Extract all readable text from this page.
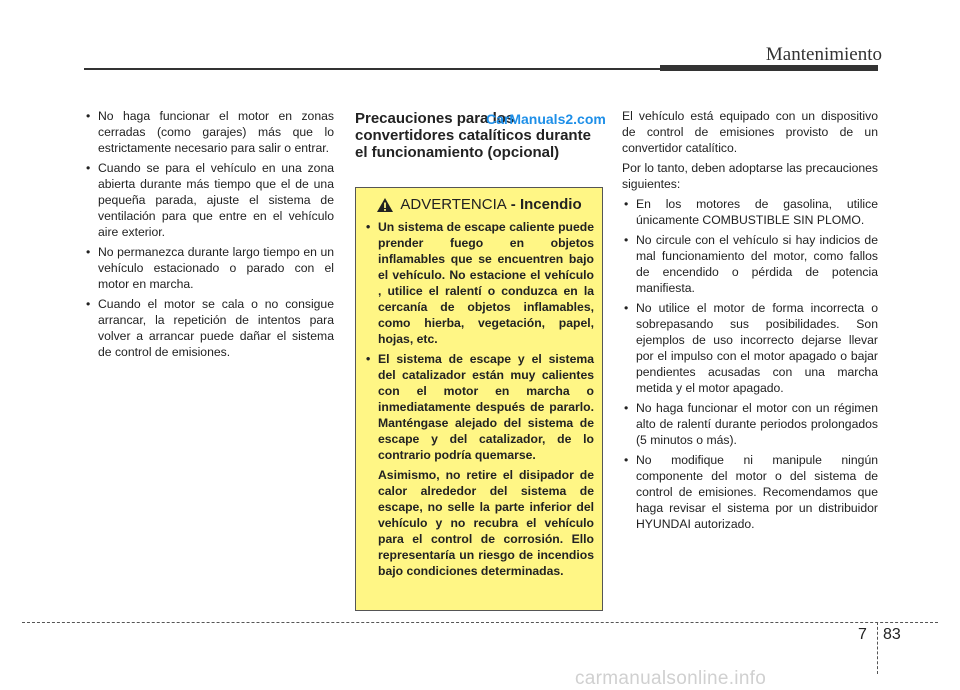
Mantenimiento
• No haga funcionar el motor en zonas cerradas (como garajes) más que lo estrictamente necesario para salir o entrar.
• Cuando se para el vehículo en una zona abierta durante más tiempo que el de una pequeña parada, ajuste el sistema de ventilación para que entre en el vehículo aire exterior.
• No permanezca durante largo tiempo en un vehículo estacionado o parado con el motor en marcha.
• Cuando el motor se cala o no consigue arrancar, la repetición de intentos para volver a arrancar puede dañar el sistema de control de emisiones.
Precauciones para los convertidores catalíticos durante el funcionamiento (opcional)
ADVERTENCIA - Incendio
• Un sistema de escape caliente puede prender fuego en objetos inflamables que se encuentren bajo el vehículo. No estacione el vehículo , utilice el ralentí o conduzca en la cercanía de objetos inflamables, como hierba, vegetación, papel, hojas, etc.
• El sistema de escape y el sistema del catalizador están muy calientes con el motor en marcha o inmediatamente después de pararlo. Manténgase alejado del sistema de escape y del catalizador, de lo contrario podría quemarse.

Asimismo, no retire el disipador de calor alrededor del sistema de escape, no selle la parte inferior del vehículo y no recubra el vehículo para el control de corrosión. Ello representaría un riesgo de incendios bajo condiciones determinadas.

CarManuals2.com El vehículo está equipado con un dispositivo de control de emisiones provisto de un convertidor catalítico.

Por lo tanto, deben adoptarse las precauciones siguientes:

• En los motores de gasolina, utilice únicamente COMBUSTIBLE SIN PLOMO.
• No circule con el vehículo si hay indicios de mal funcionamiento del motor, como fallos de encendido o pérdida de potencia manifiesta.
• No utilice el motor de forma incorrecta o sobrepasando sus posibilidades. Son ejemplos de uso incorrecto dejarse llevar por el impulso con el motor apagado o bajar pendientes acusadas con una marcha metida y el motor apagado.
• No haga funcionar el motor con un régimen alto de ralentí durante periodos prolongados (5 minutos o más).
• No modifique ni manipule ningún componente del motor o del sistema de control de emisiones. Recomendamos que haga revisar el sistema por un distribuidor HYUNDAI autorizado.
7 83
carmanualsonline.info
